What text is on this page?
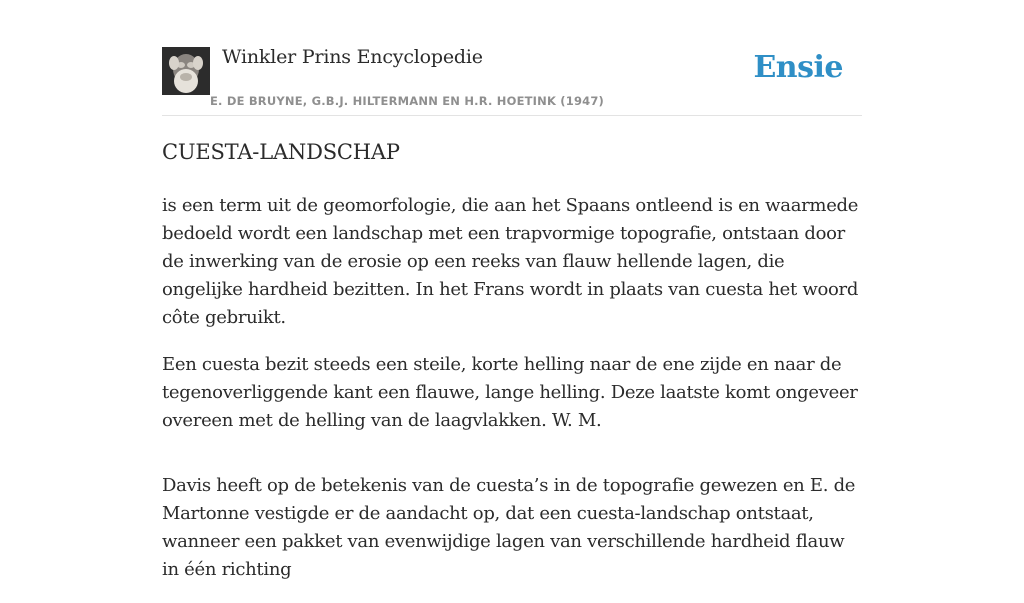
Winkler Prins Encyclopedie
E. DE BRUYNE, G.B.J. HILTERMANN EN H.R. HOETINK (1947)
Ensie
CUESTA-LANDSCHAP

is een term uit de geomorfologie, die aan het Spaans ontleend is en waarmede bedoeld wordt een landschap met een trapvormige topografie, ontstaan door de inwerking van de erosie op een reeks van flauw hellende lagen, die ongelijke hardheid bezitten. In het Frans wordt in plaats van cuesta het woord côte gebruikt.

Een cuesta bezit steeds een steile, korte helling naar de ene zijde en naar de tegenoverliggende kant een flauwe, lange helling. Deze laatste komt ongeveer overeen met de helling van de laagvlakken. W. M.

Davis heeft op de betekenis van de cuesta’s in de topografie gewezen en E. de Martonne vestigde er de aandacht op, dat een cuesta-landschap ontstaat, wanneer een pakket van evenwijdige lagen van verschillende hardheid flauw in één richting
